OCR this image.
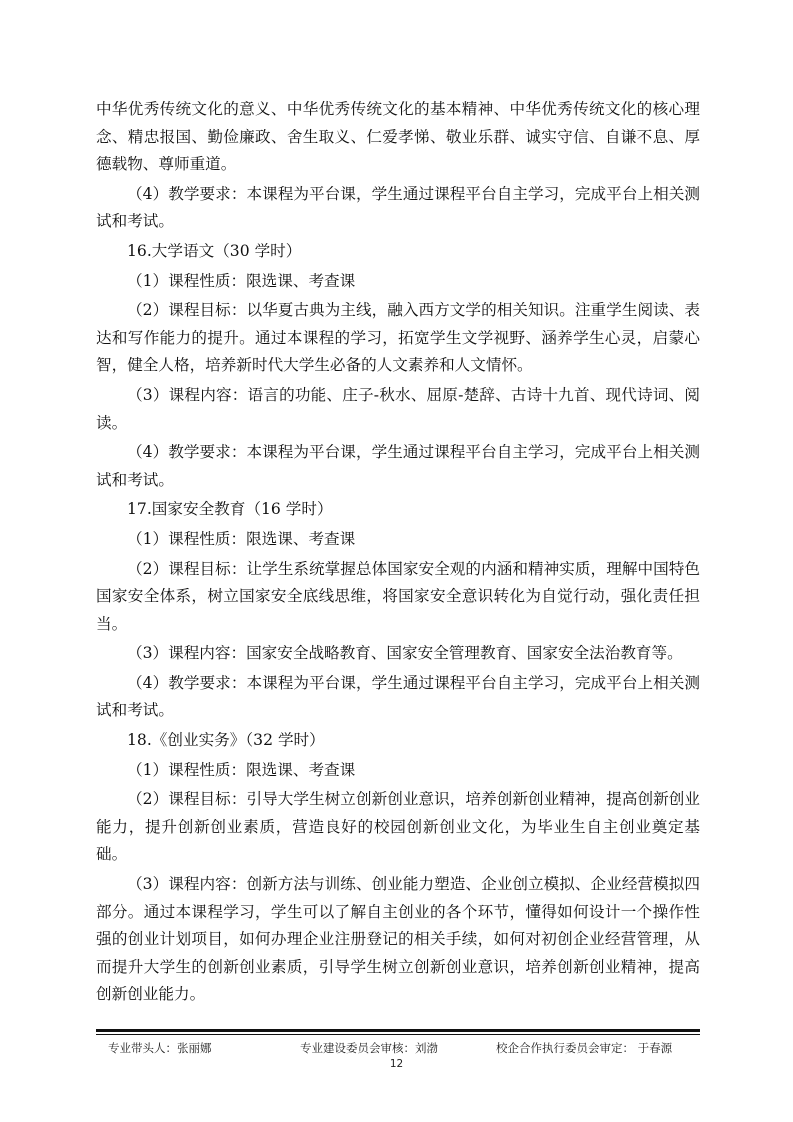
中华优秀传统文化的意义、中华优秀传统文化的基本精神、中华优秀传统文化的核心理念、精忠报国、勤俭廉政、舍生取义、仁爱孝悌、敬业乐群、诚实守信、自谦不息、厚德载物、尊师重道。

（4）教学要求：本课程为平台课，学生通过课程平台自主学习，完成平台上相关测试和考试。

16.大学语文（30 学时）

（1）课程性质：限选课、考查课

（2）课程目标：以华夏古典为主线，融入西方文学的相关知识。注重学生阅读、表达和写作能力的提升。通过本课程的学习，拓宽学生文学视野、涵养学生心灵，启蒙心智，健全人格，培养新时代大学生必备的人文素养和人文情怀。

（3）课程内容：语言的功能、庄子-秋水、屈原-楚辞、古诗十九首、现代诗词、阅读。

（4）教学要求：本课程为平台课，学生通过课程平台自主学习，完成平台上相关测试和考试。

17.国家安全教育（16 学时）

（1）课程性质：限选课、考查课

（2）课程目标：让学生系统掌握总体国家安全观的内涵和精神实质，理解中国特色国家安全体系，树立国家安全底线思维，将国家安全意识转化为自觉行动，强化责任担当。

（3）课程内容：国家安全战略教育、国家安全管理教育、国家安全法治教育等。

（4）教学要求：本课程为平台课，学生通过课程平台自主学习，完成平台上相关测试和考试。

18.《创业实务》（32 学时）

（1）课程性质：限选课、考查课

（2）课程目标：引导大学生树立创新创业意识，培养创新创业精神，提高创新创业能力，提升创新创业素质，营造良好的校园创新创业文化，为毕业生自主创业奠定基础。

（3）课程内容：创新方法与训练、创业能力塑造、企业创立模拟、企业经营模拟四部分。通过本课程学习，学生可以了解自主创业的各个环节，懂得如何设计一个操作性强的创业计划项目，如何办理企业注册登记的相关手续，如何对初创企业经营管理，从而提升大学生的创新创业素质，引导学生树立创新创业意识，培养创新创业精神，提高创新创业能力。

专业带头人：张丽娜	专业建设委员会审核：刘渤	校企合作执行委员会审定： 于春源
12
